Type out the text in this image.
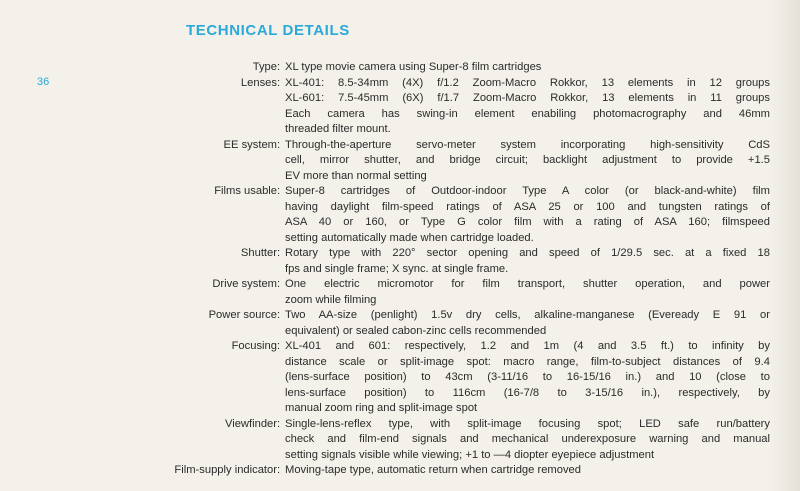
TECHNICAL DETAILS
36
Type : XL type movie camera using Super-8 film cartridges
Lenses : XL-401: 8.5-34mm (4X) f/1.2 Zoom-Macro Rokkor, 13 elements in 12 groups
XL-601: 7.5-45mm (6X) f/1.7 Zoom-Macro Rokkor, 13 elements in 11 groups
Each camera has swing-in element enabiling photomacrography and 46mm
threaded filter mount.
EE system : Through-the-aperture servo-meter system incorporating high-sensitivity CdS
cell, mirror shutter, and bridge circuit; backlight adjustment to provide +1.5
EV more than normal setting
Films usable : Super-8 cartridges of Outdoor-indoor Type A color (or black-and-white) film
having daylight film-speed ratings of ASA 25 or 100 and tungsten ratings of
ASA 40 or 160, or Type G color film with a rating of ASA 160; filmspeed
setting automatically made when cartridge loaded.
Shutter : Rotary type with 220° sector opening and speed of 1/29.5 sec. at a fixed 18
fps and single frame; X sync. at single frame.
Drive system : One electric micromotor for film transport, shutter operation, and power
zoom while filming
Power source : Two AA-size (penlight) 1.5v dry cells, alkaline-manganese (Eveready E 91 or
equivalent) or sealed cabon-zinc cells recommended
Focusing : XL-401 and 601: respectively, 1.2 and 1m (4 and 3.5 ft.) to infinity by
distance scale or split-image spot: macro range, film-to-subject distances of 9.4
(lens-surface position) to 43cm (3-11/16 to 16-15/16 in.) and 10 (close to
lens-surface position) to 116cm (16-7/8 to 3-15/16 in.), respectively, by
manual zoom ring and split-image spot
Viewfinder : Single-lens-reflex type, with split-image focusing spot; LED safe run/battery
check and film-end signals and mechanical underexposure warning and manual
setting signals visible while viewing; +1 to —4 diopter eyepiece adjustment
Film-supply indicator : Moving-tape type, automatic return when cartridge removed
